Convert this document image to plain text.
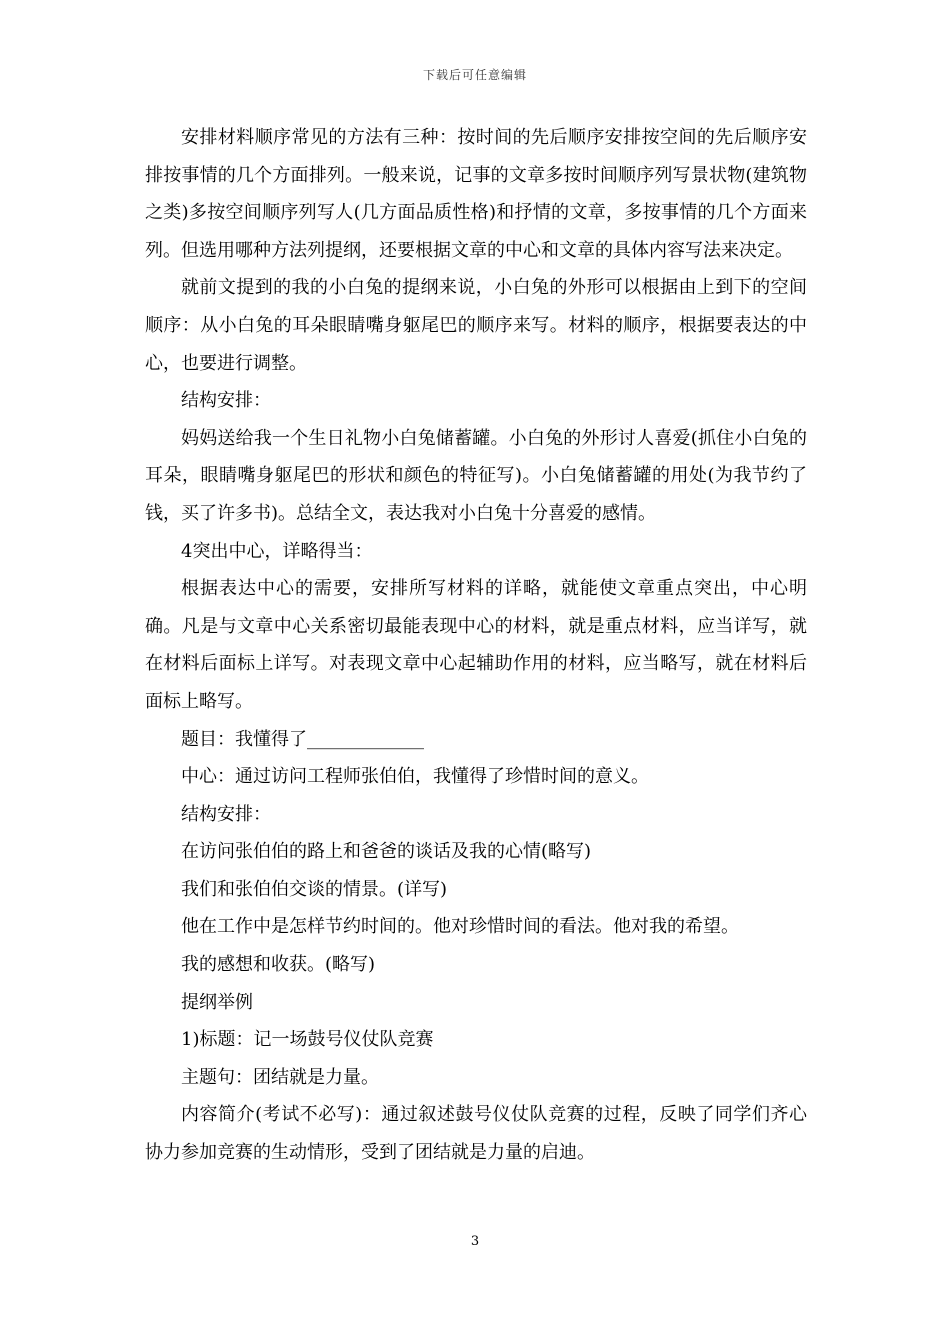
下载后可任意编辑

安排材料顺序常见的方法有三种：按时间的先后顺序安排按空间的先后顺序安排按事情的几个方面排列。一般来说，记事的文章多按时间顺序列写景状物(建筑物之类)多按空间顺序列写人(几方面品质性格)和抒情的文章，多按事情的几个方面来列。但选用哪种方法列提纲，还要根据文章的中心和文章的具体内容写法来决定。

就前文提到的我的小白兔的提纲来说，小白兔的外形可以根据由上到下的空间顺序：从小白兔的耳朵眼睛嘴身躯尾巴的顺序来写。材料的顺序，根据要表达的中心，也要进行调整。

结构安排：

妈妈送给我一个生日礼物小白兔储蓄罐。小白兔的外形讨人喜爱(抓住小白兔的耳朵，眼睛嘴身躯尾巴的形状和颜色的特征写)。小白兔储蓄罐的用处(为我节约了钱，买了许多书)。总结全文，表达我对小白兔十分喜爱的感情。

4突出中心，详略得当：

根据表达中心的需要，安排所写材料的详略，就能使文章重点突出，中心明确。凡是与文章中心关系密切最能表现中心的材料，就是重点材料，应当详写，就在材料后面标上详写。对表现文章中心起辅助作用的材料，应当略写，就在材料后面标上略写。

题目：我懂得了_____________

中心：通过访问工程师张伯伯，我懂得了珍惜时间的意义。

结构安排：

在访问张伯伯的路上和爸爸的谈话及我的心情(略写)

我们和张伯伯交谈的情景。(详写)

他在工作中是怎样节约时间的。他对珍惜时间的看法。他对我的希望。

我的感想和收获。(略写)

提纲举例

1)标题：记一场鼓号仪仗队竞赛

主题句：团结就是力量。

内容简介(考试不必写)：通过叙述鼓号仪仗队竞赛的过程，反映了同学们齐心协力参加竞赛的生动情形，受到了团结就是力量的启迪。

3
